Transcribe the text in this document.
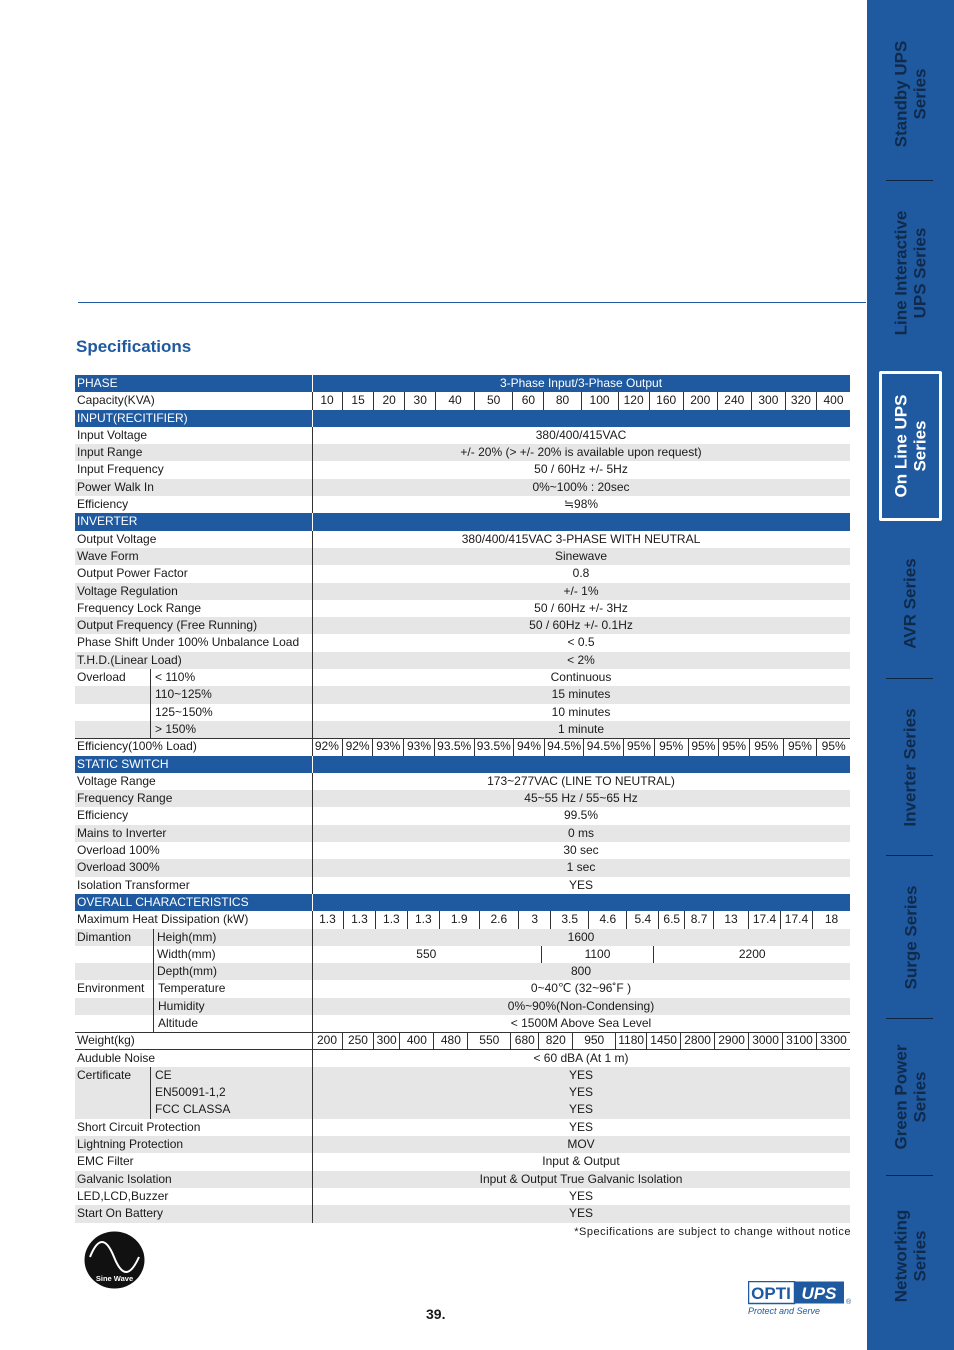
Standby UPS Series
Line Interactive UPS Series
On Line UPS Series
AVR Series
Inverter Series
Surge Series
Green Power Series
Networking Series
Specifications
PHASE	3-Phase Input/3-Phase Output
Capacity(KVA)	10	15	20	30	40	50	60	80	100	120	160	200	240	300	320	400
INPUT(RECITIFIER)
Input Voltage	380/400/415VAC
Input Range	+/- 20% (> +/- 20% is available upon request)
Input Frequency	50 / 60Hz +/- 5Hz
Power Walk In	0%~100% : 20sec
Efficiency	≒98%
INVERTER
Output Voltage	380/400/415VAC 3-PHASE WITH NEUTRAL
Wave Form	Sinewave
Output Power Factor	0.8
Voltage Regulation	+/- 1%
Frequency Lock Range	50 / 60Hz +/- 3Hz
Output Frequency (Free Running)	50 / 60Hz +/- 0.1Hz
Phase Shift Under 100% Unbalance Load	< 0.5
T.H.D.(Linear Load)	< 2%
Overload < 110%	Continuous
110~125%	15 minutes
125~150%	10 minutes
> 150%	1 minute
Efficiency(100% Load)	92% 92% 93% 93% 93.5% 93.5% 94% 94.5% 94.5% 95% 95% 95% 95% 95% 95% 95%
STATIC SWITCH
Voltage Range	173~277VAC (LINE TO NEUTRAL)
Frequency Range	45~55 Hz / 55~65 Hz
Efficiency	99.5%
Mains to Inverter	0 ms
Overload 100%	30 sec
Overload 300%	1 sec
Isolation Transformer	YES
OVERALL CHARACTERISTICS
Maximum Heat Dissipation (kW)	1.3	1.3	1.3	1.3	1.9	2.6	3	3.5	4.6	5.4	6.5 8.7	13	17.4 17.4	18
Dimantion Heigh(mm)	1600
Width(mm)	550	1100	2200
Depth(mm)	800
Environment Temperature	0~40℃ (32~96˚F )
Humidity	0%~90%(Non-Condensing)
Altitude	< 1500M Above Sea Level
Weight(kg)	200 250 300 400	480	550	680 820	950	1180 1450 2800 2900 3000 3100 3300
Auduble Noise	< 60 dBA (At 1 m)
Certificate CE	YES
EN50091-1,2	YES
FCC CLASSA	YES
Short Circuit Protection	YES
Lightning Protection	MOV
EMC Filter	Input & Output
Galvanic Isolation	Input & Output True Galvanic Isolation
LED,LCD,Buzzer	YES
Start On Battery	YES
*Specifications are subject to change without notice
Sine Wave
39.
OPTI UPS ®
Protect and Serve
